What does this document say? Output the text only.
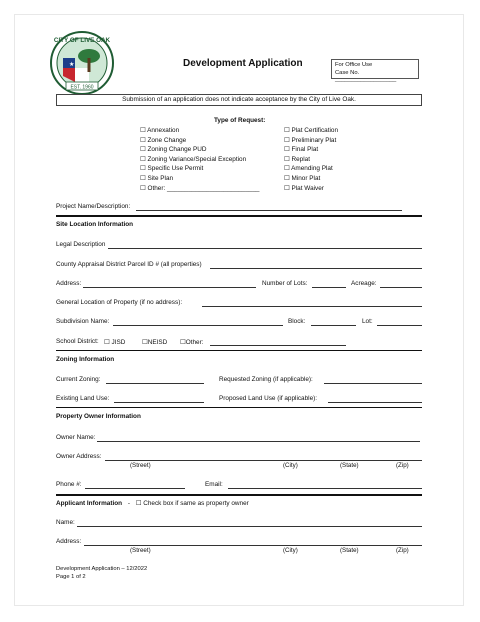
★
CITY OF LIVE OAK
EST. 1960
Development Application	For Office Use
Case No. ___________________
Submission of an application does not indicate acceptance by the City of Live Oak.
Type of Request:
☐ Annexation
☐ Zone Change
☐ Zoning Change PUD
☐ Zoning Variance/Special Exception
☐ Specific Use Permit
☐ Site Plan
☐ Other: __________________________
☐ Plat Certification
☐ Preliminary Plat
☐ Final Plat
☐ Replat
☐ Amending Plat
☐ Minor Plat
☐ Plat Waiver
Project Name/Description:
Site Location Information
Legal Description
County Appraisal District Parcel ID # (all properties)
Address:	Number of Lots:	Acreage:
General Location of Property (if no address):
Subdivision Name:	Block:	Lot:
School District: ☐ JISD	☐NEISD ☐Other:
Zoning Information
Current Zoning:	Requested Zoning (if applicable):
Existing Land Use:	Proposed Land Use (if applicable):
Property Owner Information
Owner Name:
Owner Address:
(Street)	(City)	(State)	(Zip)
Phone #:	Email:
Applicant Information - ☐ Check box if same as property owner
Name:
Address:
(Street)	(City)	(State)	(Zip)
Development Application – 12/2022
Page 1 of 2
